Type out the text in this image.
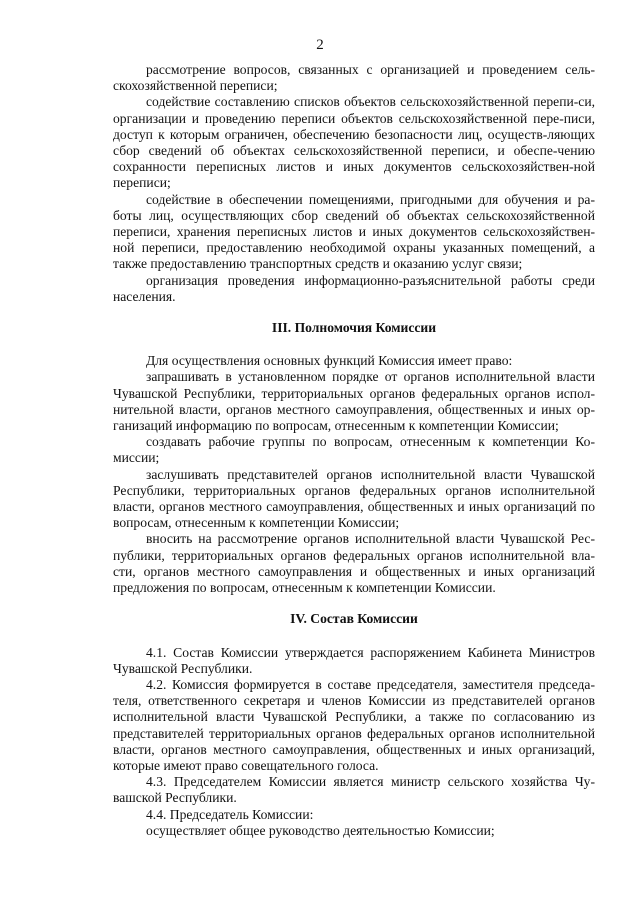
2

рассмотрение вопросов, связанных с организацией и проведением сель-скохозяйственной переписи;

содействие составлению списков объектов сельскохозяйственной перепи-си, организации и проведению переписи объектов сельскохозяйственной пере-писи, доступ к которым ограничен, обеспечению безопасности лиц, осуществ-ляющих сбор сведений об объектах сельскохозяйственной переписи, и обеспе-чению сохранности переписных листов и иных документов сельскохозяйствен-ной переписи;

содействие в обеспечении помещениями, пригодными для обучения и ра-боты лиц, осуществляющих сбор сведений об объектах сельскохозяйственной переписи, хранения переписных листов и иных документов сельскохозяйствен-ной переписи, предоставлению необходимой охраны указанных помещений, а также предоставлению транспортных средств и оказанию услуг связи;

организация проведения информационно-разъяснительной работы среди населения.

III. Полномочия Комиссии

Для осуществления основных функций Комиссия имеет право:

запрашивать в установленном порядке от органов исполнительной власти Чувашской Республики, территориальных органов федеральных органов испол-нительной власти, органов местного самоуправления, общественных и иных ор-ганизаций информацию по вопросам, отнесенным к компетенции Комиссии;

создавать рабочие группы по вопросам, отнесенным к компетенции Ко-миссии;

заслушивать представителей органов исполнительной власти Чувашской Республики, территориальных органов федеральных органов исполнительной власти, органов местного самоуправления, общественных и иных организаций по вопросам, отнесенным к компетенции Комиссии;

вносить на рассмотрение органов исполнительной власти Чувашской Рес-публики, территориальных органов федеральных органов исполнительной вла-сти, органов местного самоуправления и общественных и иных организаций предложения по вопросам, отнесенным к компетенции Комиссии.

IV. Состав Комиссии

4.1. Состав Комиссии утверждается распоряжением Кабинета Министров Чувашской Республики.

4.2. Комиссия формируется в составе председателя, заместителя председа-теля, ответственного секретаря и членов Комиссии из представителей органов исполнительной власти Чувашской Республики, а также по согласованию из представителей территориальных органов федеральных органов исполнительной власти, органов местного самоуправления, общественных и иных организаций, которые имеют право совещательного голоса.

4.3. Председателем Комиссии является министр сельского хозяйства Чу-вашской Республики.

4.4. Председатель Комиссии:

осуществляет общее руководство деятельностью Комиссии;
